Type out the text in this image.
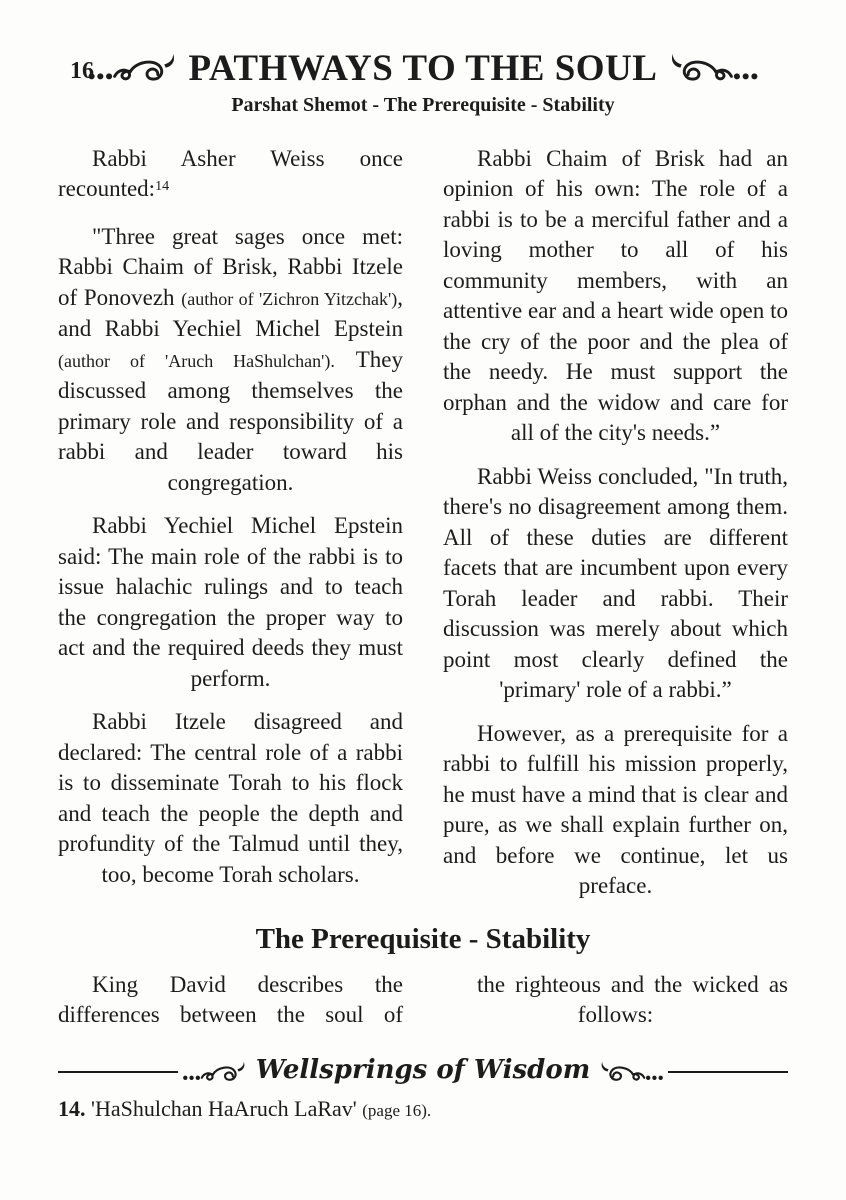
16	PATHWAYS TO THE SOUL
Parshat Shemot - The Prerequisite - Stability

Rabbi Asher Weiss once recounted:$^{14}$

"Three great sages once met: Rabbi Chaim of Brisk, Rabbi Itzele of Ponovezh (author of 'Zichron Yitzchak'), and Rabbi Yechiel Michel Epstein (author of 'Aruch HaShulchan'). They discussed among themselves the primary role and responsibility of a rabbi and leader toward his congregation.

Rabbi Yechiel Michel Epstein said: The main role of the rabbi is to issue halachic rulings and to teach the congregation the proper way to act and the required deeds they must perform.

Rabbi Itzele disagreed and declared: The central role of a rabbi is to disseminate Torah to his flock and teach the people the depth and profundity of the Talmud until they, too, become Torah scholars.

Rabbi Chaim of Brisk had an opinion of his own: The role of a rabbi is to be a merciful father and a loving mother to all of his community members, with an attentive ear and a heart wide open to the cry of the poor and the plea of the needy. He must support the orphan and the widow and care for all of the city's needs.”

Rabbi Weiss concluded, "In truth, there's no disagreement among them. All of these duties are different facets that are incumbent upon every Torah leader and rabbi. Their discussion was merely about which point most clearly defined the 'primary' role of a rabbi.”

However, as a prerequisite for a rabbi to fulfill his mission properly, he must have a mind that is clear and pure, as we shall explain further on, and before we continue, let us preface.

The Prerequisite - Stability

King David describes the differences between the soul of

the righteous and the wicked as follows:

Wellsprings of Wisdom
14. 'HaShulchan HaAruch LaRav' (page 16).
